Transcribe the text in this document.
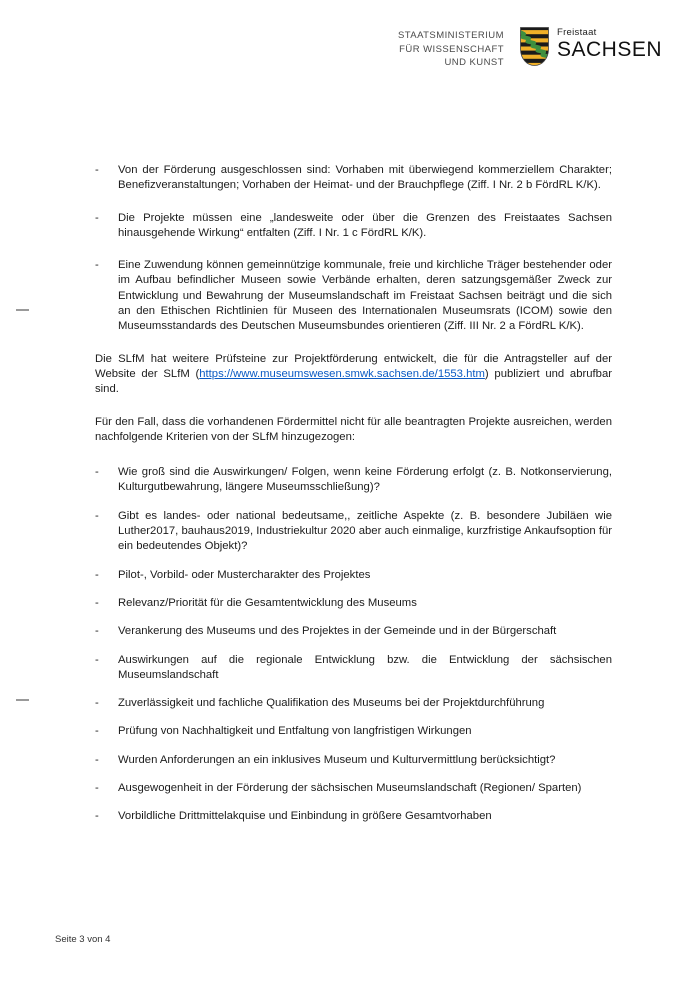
STAATSMINISTERIUM
FÜR WISSENSCHAFT
UND KUNST
Freistaat
SACHSEN
-	Von der Förderung ausgeschlossen sind: Vorhaben mit überwiegend kommerziellem Charakter; Benefizveranstaltungen; Vorhaben der Heimat- und der Brauchpflege (Ziff. I Nr. 2 b FördRL K/K).
-	Die Projekte müssen eine „landesweite oder über die Grenzen des Freistaates Sachsen hinausgehende Wirkung“ entfalten (Ziff. I Nr. 1 c FördRL K/K).
-	Eine Zuwendung können gemeinnützige kommunale, freie und kirchliche Träger bestehender oder im Aufbau befindlicher Museen sowie Verbände erhalten, deren satzungsgemäßer Zweck zur Entwicklung und Bewahrung der Museumslandschaft im Freistaat Sachsen beiträgt und die sich an den Ethischen Richtlinien für Museen des Internationalen Museumsrats (ICOM) sowie den Museumsstandards des Deutschen Museumsbundes orientieren (Ziff. III Nr. 2 a FördRL K/K).

Die SLfM hat weitere Prüfsteine zur Projektförderung entwickelt, die für die Antragsteller auf der Website der SLfM (https://www.museumswesen.smwk.sachsen.de/1553.htm) publiziert und abrufbar sind.

Für den Fall, dass die vorhandenen Fördermittel nicht für alle beantragten Projekte ausreichen, werden nachfolgende Kriterien von der SLfM hinzugezogen:

-	Wie groß sind die Auswirkungen/ Folgen, wenn keine Förderung erfolgt (z. B. Notkonservierung, Kulturgutbewahrung, längere Museumsschließung)?
-	Gibt es landes- oder national bedeutsame,, zeitliche Aspekte (z. B. besondere Jubiläen wie Luther2017, bauhaus2019, Industriekultur 2020 aber auch einmalige, kurzfristige Ankaufsoption für ein bedeutendes Objekt)?
-	Pilot-, Vorbild- oder Mustercharakter des Projektes
-	Relevanz/Priorität für die Gesamtentwicklung des Museums
-	Verankerung des Museums und des Projektes in der Gemeinde und in der Bürgerschaft
-	Auswirkungen auf die regionale Entwicklung bzw. die Entwicklung der sächsischen Museumslandschaft
-	Zuverlässigkeit und fachliche Qualifikation des Museums bei der Projektdurchführung
-	Prüfung von Nachhaltigkeit und Entfaltung von langfristigen Wirkungen
-	Wurden Anforderungen an ein inklusives Museum und Kulturvermittlung berücksichtigt?
-	Ausgewogenheit in der Förderung der sächsischen Museumslandschaft (Regionen/ Sparten)
-	Vorbildliche Drittmittelakquise und Einbindung in größere Gesamtvorhaben
Seite 3 von 4
